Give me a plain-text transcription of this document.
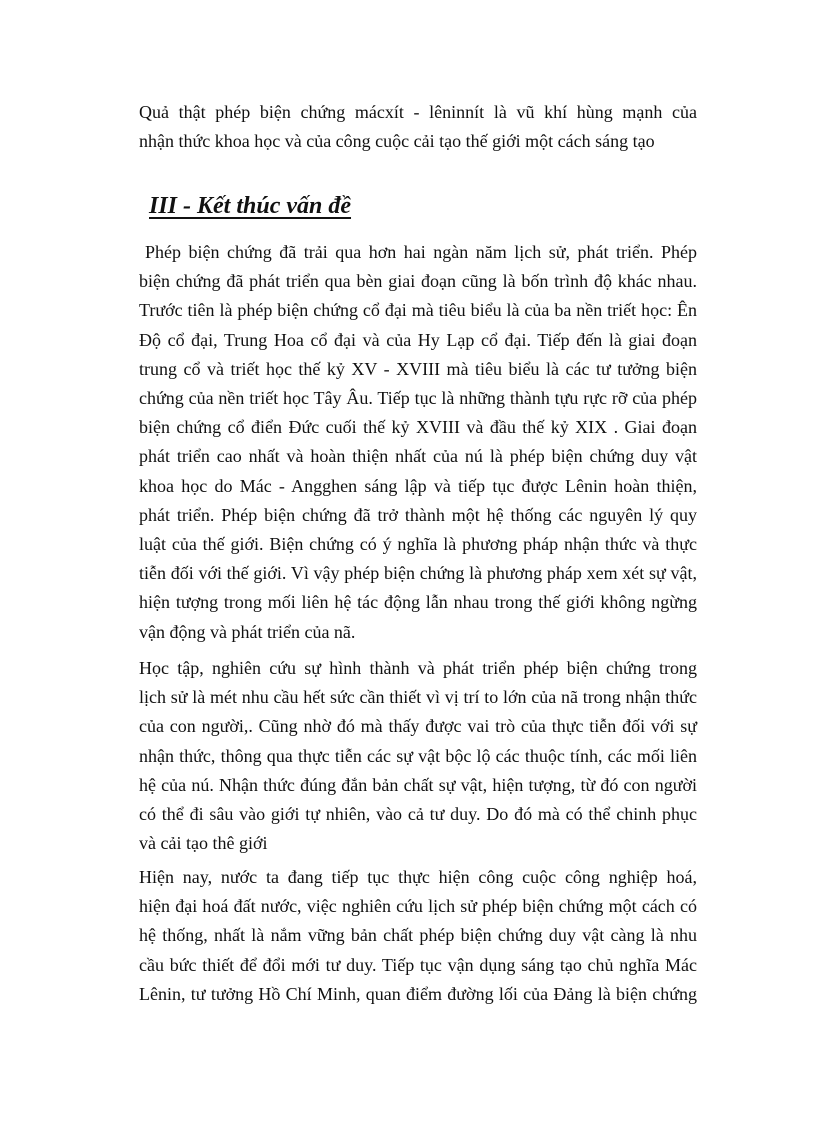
Quả thật phép biện chứng mácxít - lêninnít là vũ khí hùng mạnh của
nhận thức khoa học và của công cuộc cải tạo thế giới một cách sáng tạo
III - Kết thúc vấn đề
Phép biện chứng đã trải qua hơn hai ngàn năm lịch sử, phát triển. Phép
biện chứng đã phát triển qua bèn giai đoạn cũng là bốn trình độ khác nhau.
Trước tiên là phép biện chứng cổ đại mà tiêu biểu là của ba nền triết học: Ên
Độ cổ đại, Trung Hoa cổ đại và của Hy Lạp cổ đại. Tiếp đến là giai đoạn
trung cổ và triết học thế kỷ XV - XVIII mà tiêu biểu là các tư tưởng biện
chứng của nền triết học Tây Âu. Tiếp tục là những thành tựu rực rỡ của phép
biện chứng cổ điển Đức cuối thế kỷ XVIII và đầu thế kỷ XIX . Giai đoạn
phát triển cao nhất và hoàn thiện nhất của nú là phép biện chứng duy vật
khoa học do Mác - Angghen sáng lập và tiếp tục được Lênin hoàn thiện,
phát triển. Phép biện chứng đã trở thành một hệ thống các nguyên lý quy
luật của thế giới. Biện chứng có ý nghĩa là phương pháp nhận thức và thực
tiễn đối với thế giới. Vì vậy phép biện chứng là phương pháp xem xét sự vật,
hiện tượng trong mối liên hệ tác động lẫn nhau trong thế giới không ngừng
vận động và phát triển của nã.
Học tập, nghiên cứu sự hình thành và phát triển phép biện chứng trong
lịch sử là mét nhu cầu hết sức cần thiết vì vị trí to lớn của nã trong nhận thức
của con người,. Cũng nhờ đó mà thấy được vai trò của thực tiễn đối với sự
nhận thức, thông qua thực tiễn các sự vật bộc lộ các thuộc tính, các mối liên
hệ của nú. Nhận thức đúng đắn bản chất sự vật, hiện tượng, từ đó con người
có thể đi sâu vào giới tự nhiên, vào cả tư duy. Do đó mà có thể chinh phục
và cải tạo thê giới
Hiện nay, nước ta đang tiếp tục thực hiện công cuộc công nghiệp hoá,
hiện đại hoá đất nước, việc nghiên cứu lịch sử phép biện chứng một cách có
hệ thống, nhất là nắm vững bản chất phép biện chứng duy vật càng là nhu
cầu bức thiết để đổi mới tư duy. Tiếp tục vận dụng sáng tạo chủ nghĩa Mác
Lênin, tư tưởng Hồ Chí Minh, quan điểm đường lối của Đảng là biện chứng
